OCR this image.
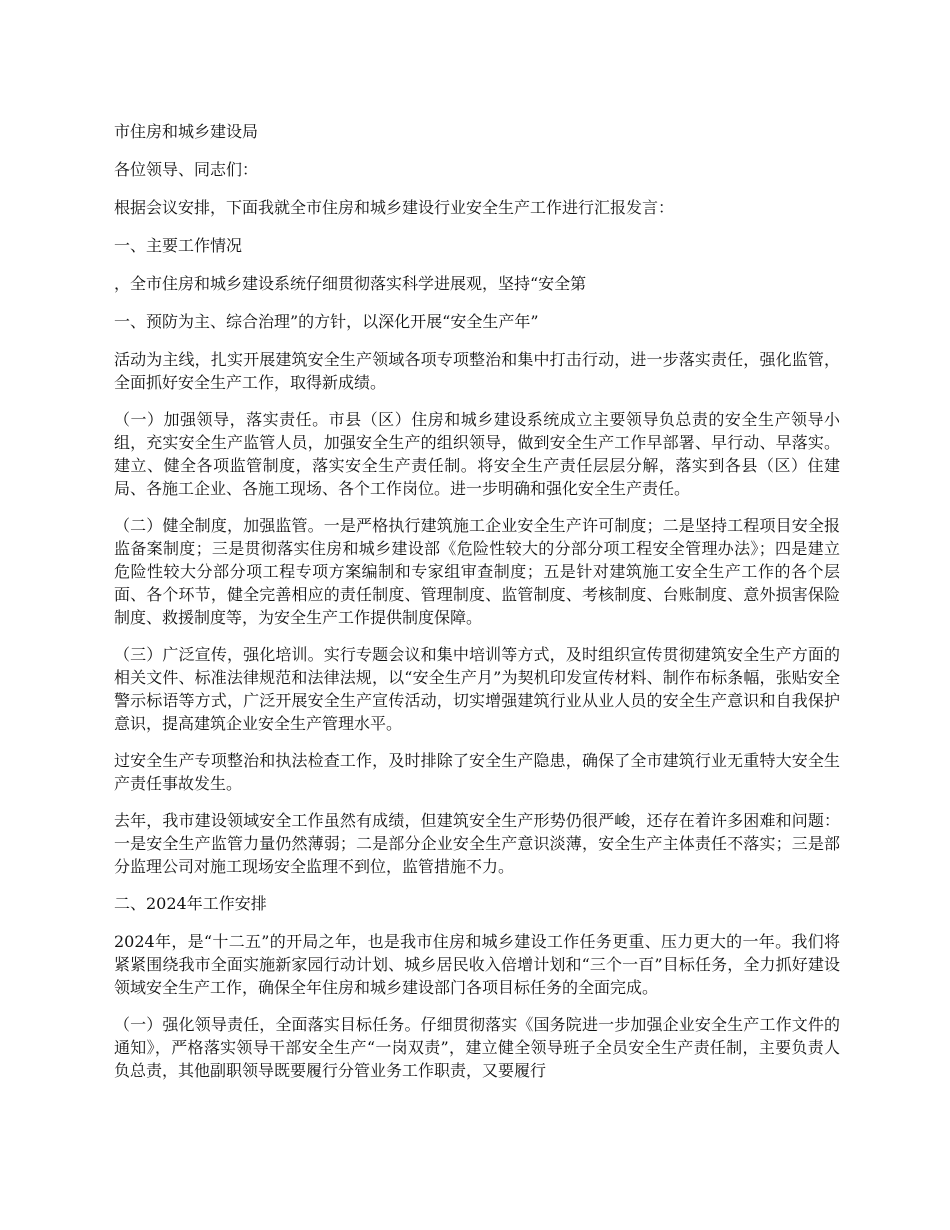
市住房和城乡建设局

各位领导、同志们：

根据会议安排，下面我就全市住房和城乡建设行业安全生产工作进行汇报发言：

一、主要工作情况

，全市住房和城乡建设系统仔细贯彻落实科学进展观，坚持“安全第

一、预防为主、综合治理”的方针，以深化开展“安全生产年”

活动为主线，扎实开展建筑安全生产领域各项专项整治和集中打击行动，进一步落实责任，强化监管，全面抓好安全生产工作，取得新成绩。

（一）加强领导，落实责任。市县（区）住房和城乡建设系统成立主要领导负总责的安全生产领导小组，充实安全生产监管人员，加强安全生产的组织领导，做到安全生产工作早部署、早行动、早落实。建立、健全各项监管制度，落实安全生产责任制。将安全生产责任层层分解，落实到各县（区）住建局、各施工企业、各施工现场、各个工作岗位。进一步明确和强化安全生产责任。

（二）健全制度，加强监管。一是严格执行建筑施工企业安全生产许可制度；二是坚持工程项目安全报监备案制度；三是贯彻落实住房和城乡建设部《危险性较大的分部分项工程安全管理办法》；四是建立危险性较大分部分项工程专项方案编制和专家组审查制度；五是针对建筑施工安全生产工作的各个层面、各个环节，健全完善相应的责任制度、管理制度、监管制度、考核制度、台账制度、意外损害保险制度、救援制度等，为安全生产工作提供制度保障。

（三）广泛宣传，强化培训。实行专题会议和集中培训等方式，及时组织宣传贯彻建筑安全生产方面的相关文件、标准法律规范和法律法规，以“安全生产月”为契机印发宣传材料、制作布标条幅，张贴安全警示标语等方式，广泛开展安全生产宣传活动，切实增强建筑行业从业人员的安全生产意识和自我保护意识，提高建筑企业安全生产管理水平。

过安全生产专项整治和执法检查工作，及时排除了安全生产隐患，确保了全市建筑行业无重特大安全生产责任事故发生。

去年，我市建设领域安全工作虽然有成绩，但建筑安全生产形势仍很严峻，还存在着许多困难和问题：一是安全生产监管力量仍然薄弱；二是部分企业安全生产意识淡薄，安全生产主体责任不落实；三是部分监理公司对施工现场安全监理不到位，监管措施不力。

二、2024年工作安排

2024年，是“十二五”的开局之年，也是我市住房和城乡建设工作任务更重、压力更大的一年。我们将紧紧围绕我市全面实施新家园行动计划、城乡居民收入倍增计划和“三个一百”目标任务，全力抓好建设领域安全生产工作，确保全年住房和城乡建设部门各项目标任务的全面完成。

（一）强化领导责任，全面落实目标任务。仔细贯彻落实《国务院进一步加强企业安全生产工作文件的通知》，严格落实领导干部安全生产“一岗双责”，建立健全领导班子全员安全生产责任制，主要负责人负总责，其他副职领导既要履行分管业务工作职责，又要履行
